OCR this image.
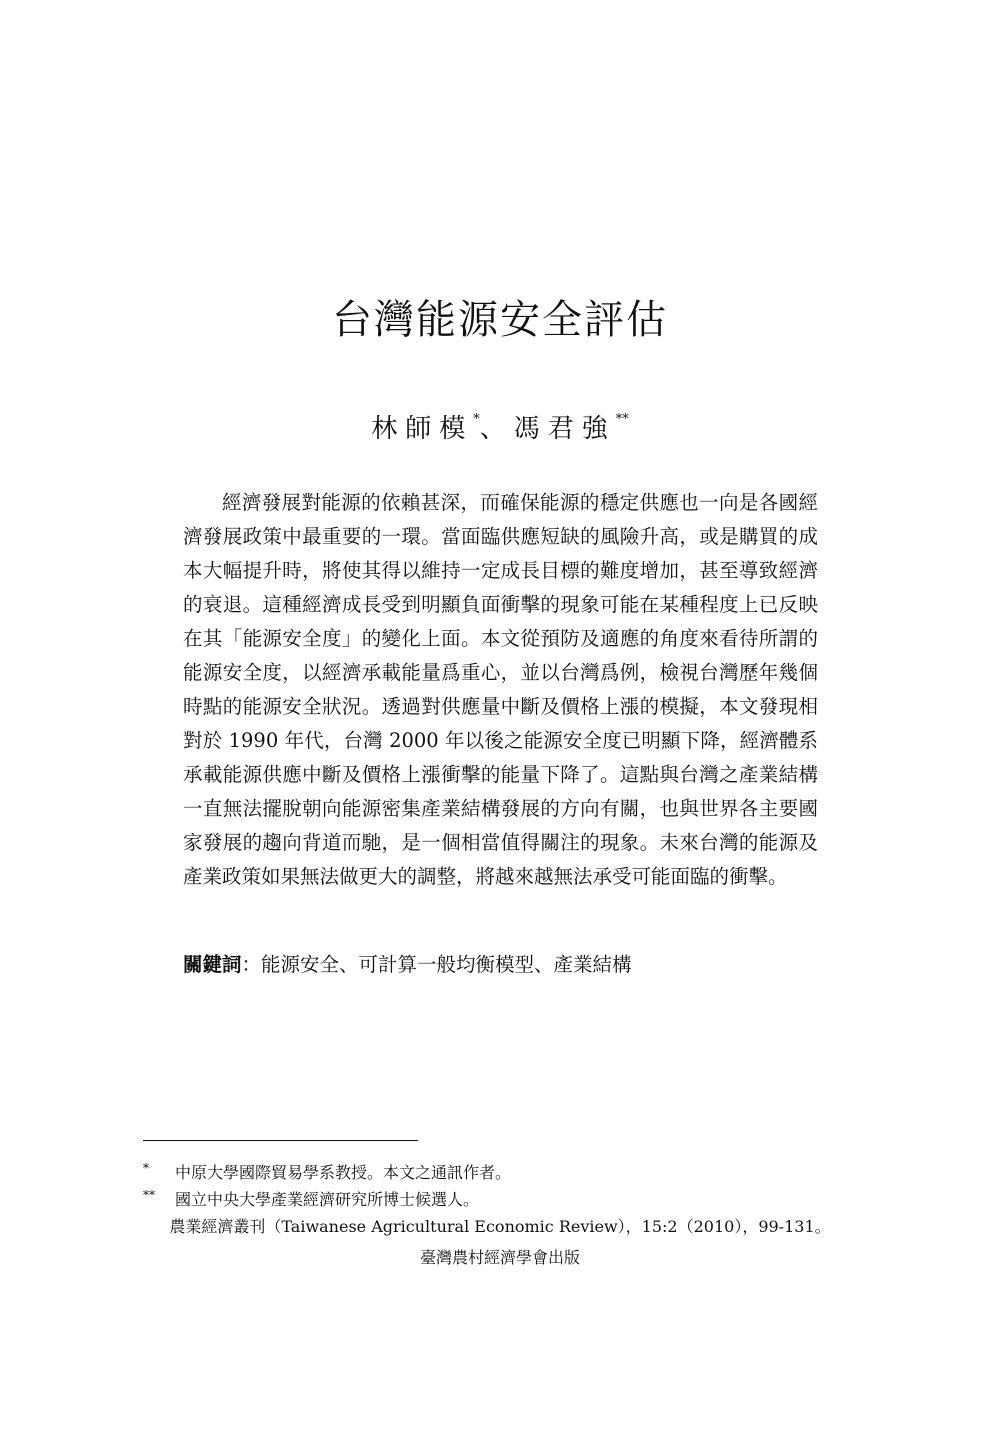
台灣能源安全評估
林師模*、馮君強**

經濟發展對能源的依賴甚深，而確保能源的穩定供應也一向是各國經濟發展政策中最重要的一環。當面臨供應短缺的風險升高，或是購買的成本大幅提升時，將使其得以維持一定成長目標的難度增加，甚至導致經濟的衰退。這種經濟成長受到明顯負面衝擊的現象可能在某種程度上已反映在其「能源安全度」的變化上面。本文從預防及適應的角度來看待所謂的能源安全度，以經濟承載能量爲重心，並以台灣爲例，檢視台灣歷年幾個時點的能源安全狀況。透過對供應量中斷及價格上漲的模擬，本文發現相對於 1990 年代，台灣 2000 年以後之能源安全度已明顯下降，經濟體系承載能源供應中斷及價格上漲衝擊的能量下降了。這點與台灣之產業結構一直無法擺脫朝向能源密集產業結構發展的方向有關，也與世界各主要國家發展的趨向背道而馳，是一個相當值得關注的現象。未來台灣的能源及產業政策如果無法做更大的調整，將越來越無法承受可能面臨的衝擊。

關鍵詞：能源安全、可計算一般均衡模型、產業結構
* 中原大學國際貿易學系教授。本文之通訊作者。
** 國立中央大學產業經濟研究所博士候選人。
農業經濟叢刊（Taiwanese Agricultural Economic Review），15:2（2010），99-131。
臺灣農村經濟學會出版
